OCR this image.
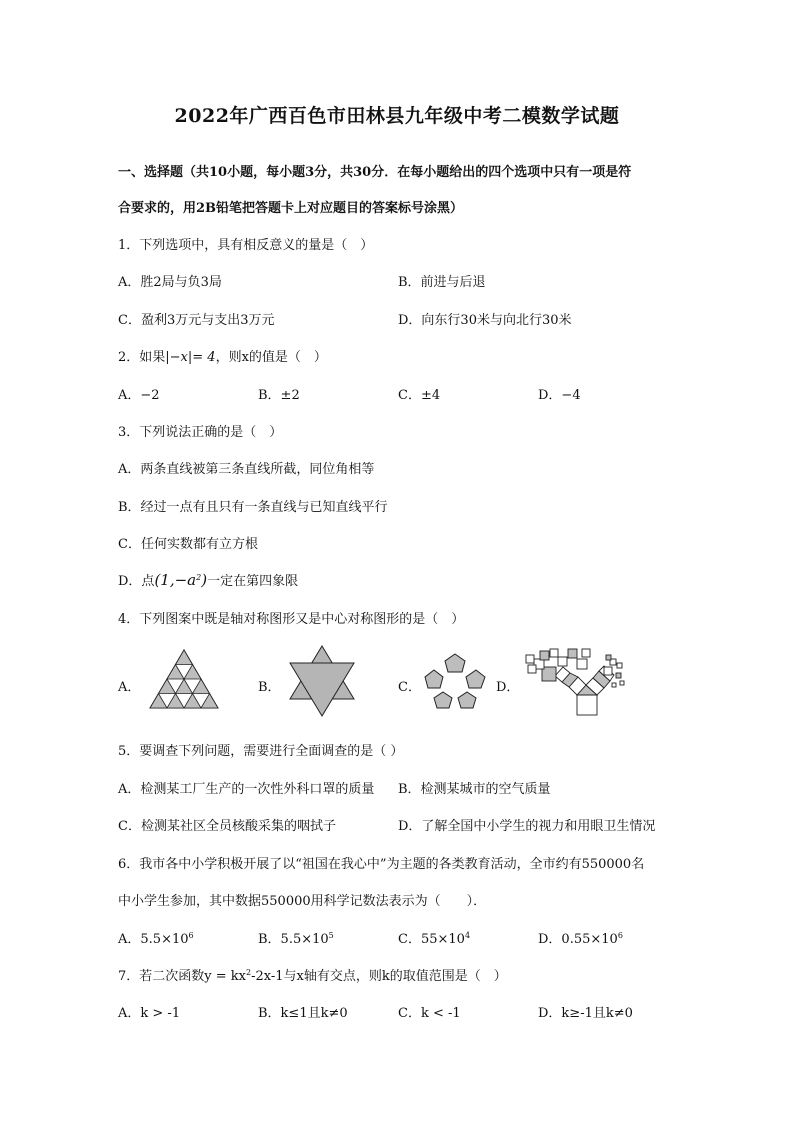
2022年广西百色市田林县九年级中考二模数学试题
一、选择题（共10小题，每小题3分，共30分．在每小题给出的四个选项中只有一项是符
合要求的，用2B铅笔把答题卡上对应题目的答案标号涂黑）
1．下列选项中，具有相反意义的量是（　）
A．胜2局与负3局	B．前进与后退
C．盈利3万元与支出3万元	D．向东行30米与向北行30米
2．如果|−x|= 4，则x的值是（　）
A．−2	B．±2	C．±4	D．−4
3．下列说法正确的是（　）
A．两条直线被第三条直线所截，同位角相等
B．经过一点有且只有一条直线与已知直线平行
C．任何实数都有立方根
D．点$(1,-a^2)$一定在第四象限
4．下列图案中既是轴对称图形又是中心对称图形的是（　）
A．	B．	C．	D．
5．要调查下列问题，需要进行全面调查的是（ ）
A．检测某工厂生产的一次性外科口罩的质量 B．检测某城市的空气质量
C．检测某社区全员核酸采集的咽拭子	D．了解全国中小学生的视力和用眼卫生情况
6．我市各中小学积极开展了以“祖国在我心中”为主题的各类教育活动，全市约有550000名
中小学生参加，其中数据550000用科学记数法表示为（　　）．
A．$5.5\times 10^6$	B．$5.5\times 10^5$	C．$55\times 10^4$	D．$0.55\times 10^6$
7．若二次函数$y = kx^2-2x-1$与x轴有交点，则k的取值范围是（　）
A．k > -1	B．k≤1且k≠0	C．k < -1	D．k≥-1且k≠0
